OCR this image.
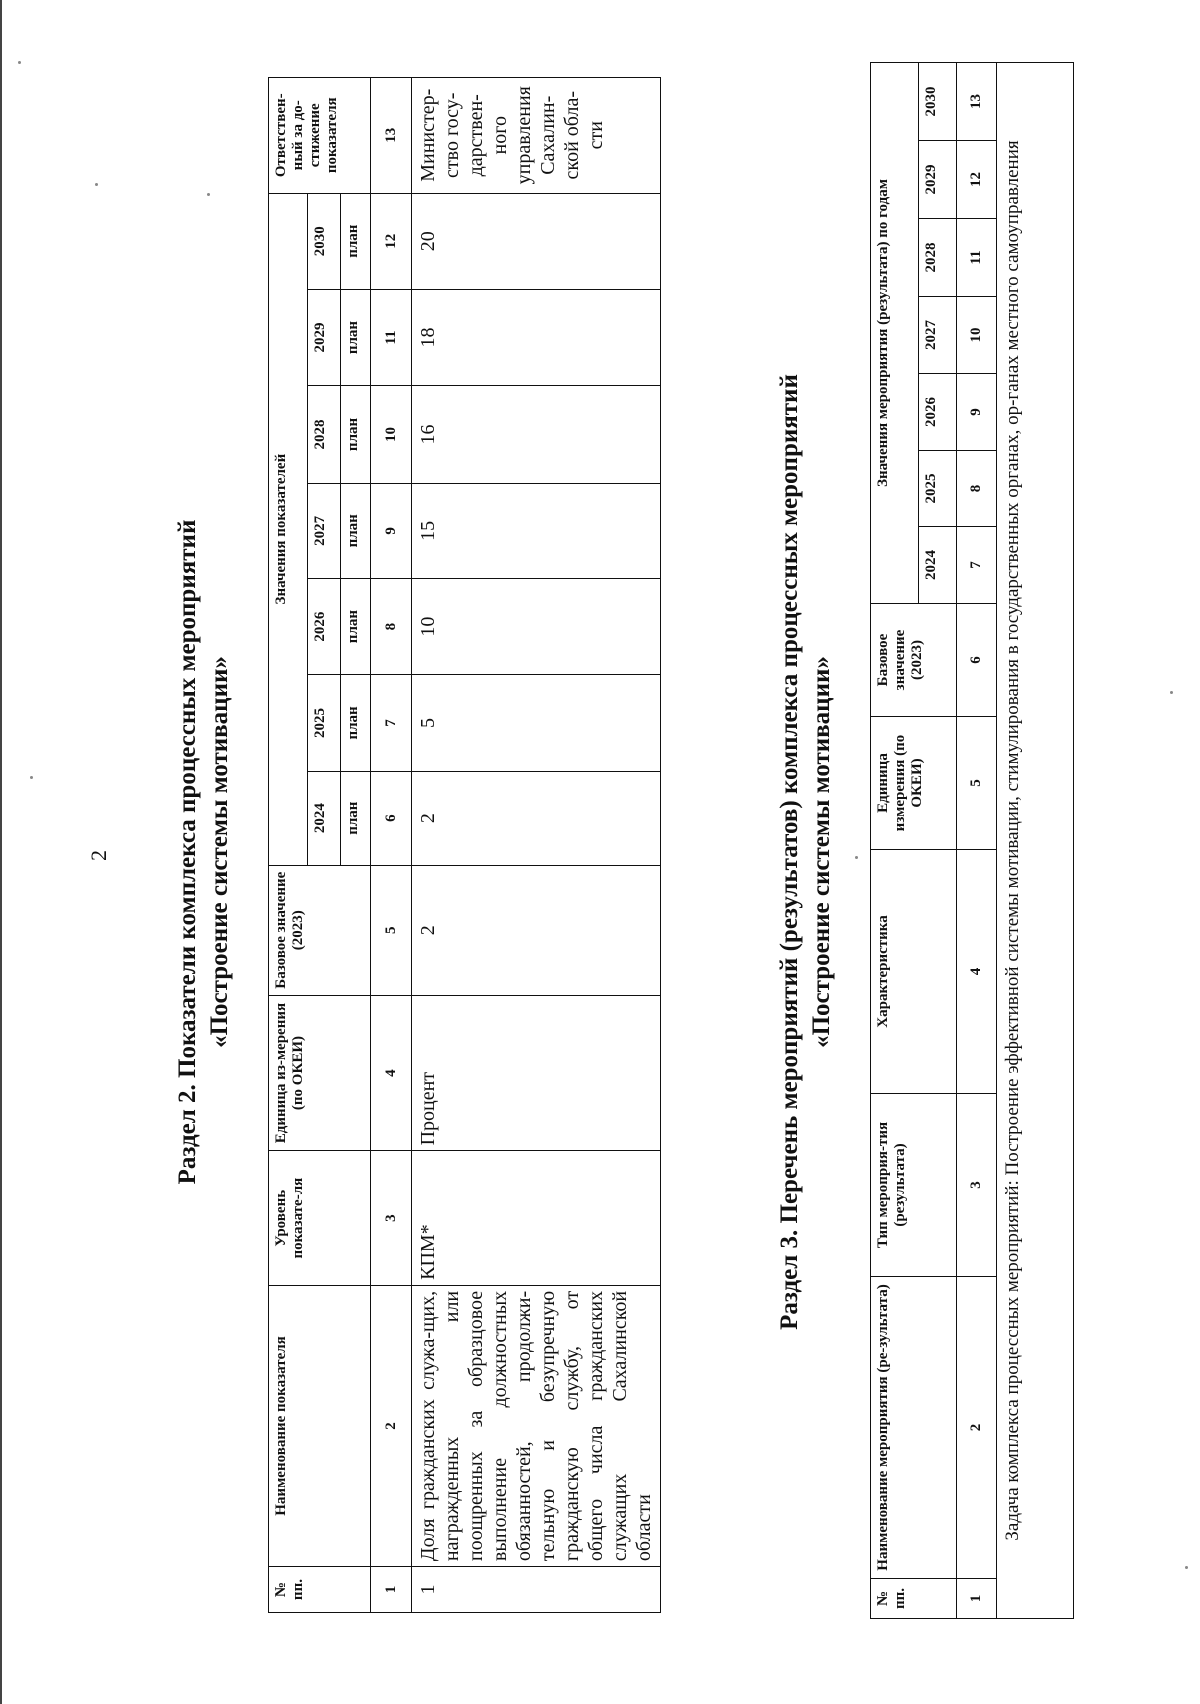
2	Раздел 2. Показатели комплекса процессных мероприятий «Построение системы мотивации»
№ пп.	Наименование показателя	Уровень показате-ля	Единица из-мерения (по ОКЕИ)	Базовое значение (2023)	Значения показателей							Ответствен-ный за до-стижение показателя
					2024	2025	2026	2027	2028	2029	2030	
					план	план	план	план	план	план	план	
1	2	3	4	5	6	7	8	9	10	11	12	13
1	Доля гражданских служа-щих, награжденных или поощренных за образцовое выполнение должностных обязанностей, продолжи-тельную и безупречную гражданскую службу, от общего числа гражданских служащих Сахалинской области	КПМ*	Процент	2	2	5	10	15	16	18	20	Министер-ство госу-дарствен-ного управления Сахалин-ской обла-сти
Раздел 3. Перечень мероприятий (результатов) комплекса процессных мероприятий «Построение системы мотивации»
№ пп.	Наименование мероприятия (ре-зультата)	Тип мероприя-тия (результата)	Характеристика	Единица измерения (по ОКЕИ)	Базовое значение (2023)	Значения мероприятия (результата) по годам						
						2024	2025	2026	2027	2028	2029	2030
1	2	3	4	5	6	7	8	9	10	11	12	13
Задача комплекса процессных мероприятий: Построение эффективной системы мотивации, стимулирования в государственных органах, ор-ганах местного самоуправления												
